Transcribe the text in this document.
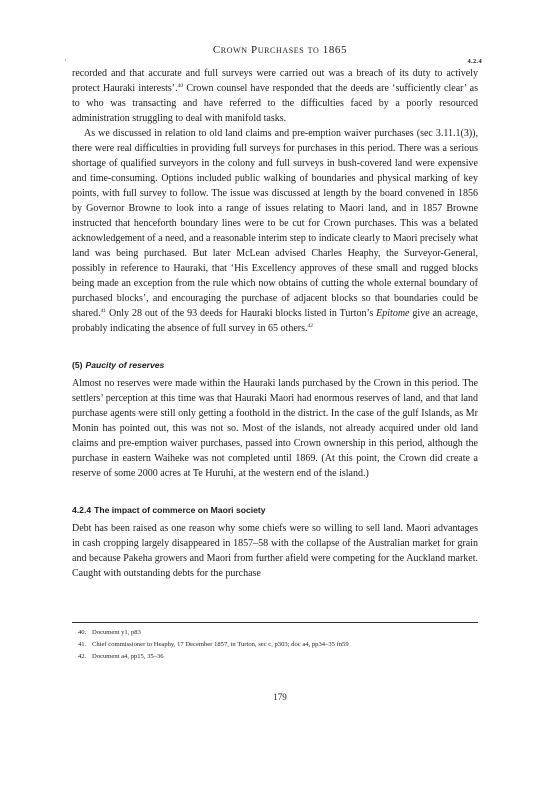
Crown Purchases to 1865
·	4.2.4

recorded and that accurate and full surveys were carried out was a breach of its duty to actively protect Hauraki interests’.$^{40}$ Crown counsel have responded that the deeds are ‘sufficiently clear’ as to who was transacting and have referred to the difficulties faced by a poorly resourced administration struggling to deal with manifold tasks.

As we discussed in relation to old land claims and pre-emption waiver purchases (sec 3.11.1(3)), there were real difficulties in providing full surveys for purchases in this period. There was a serious shortage of qualified surveyors in the colony and full surveys in bush-covered land were expensive and time-consuming. Options included public walking of boundaries and physical marking of key points, with full survey to follow. The issue was discussed at length by the board convened in 1856 by Governor Browne to look into a range of issues relating to Maori land, and in 1857 Browne instructed that henceforth boundary lines were to be cut for Crown purchases. This was a belated acknowledgement of a need, and a reasonable interim step to indicate clearly to Maori precisely what land was being purchased. But later McLean advised Charles Heaphy, the Surveyor-General, possibly in reference to Hauraki, that ‘His Excellency approves of these small and rugged blocks being made an exception from the rule which now obtains of cutting the whole external boundary of purchased blocks’, and encouraging the purchase of adjacent blocks so that boundaries could be shared.$^{41}$ Only 28 out of the 93 deeds for Hauraki blocks listed in Turton’s Epitome give an acreage, probably indicating the absence of full survey in 65 others.$^{42}$

(5) Paucity of reserves

Almost no reserves were made within the Hauraki lands purchased by the Crown in this period. The settlers’ perception at this time was that Hauraki Maori had enormous reserves of land, and that land purchase agents were still only getting a foothold in the district. In the case of the gulf Islands, as Mr Monin has pointed out, this was not so. Most of the islands, not already acquired under old land claims and pre-emption waiver purchases, passed into Crown ownership in this period, although the purchase in eastern Waiheke was not completed until 1869. (At this point, the Crown did create a reserve of some 2000 acres at Te Huruhi, at the western end of the island.)

4.2.4 The impact of commerce on Maori society

Debt has been raised as one reason why some chiefs were so willing to sell land. Maori advantages in cash cropping largely disappeared in 1857–58 with the collapse of the Australian market for grain and because Pakeha growers and Maori from further afield were competing for the Auckland market. Caught with outstanding debts for the purchase

40. Document y1, p83
41. Chief commissioner to Heaphy, 17 December 1857, in Turton, sec c, p303; doc a4, pp34–35 fn59
42. Document a4, pp15, 35–36
179
